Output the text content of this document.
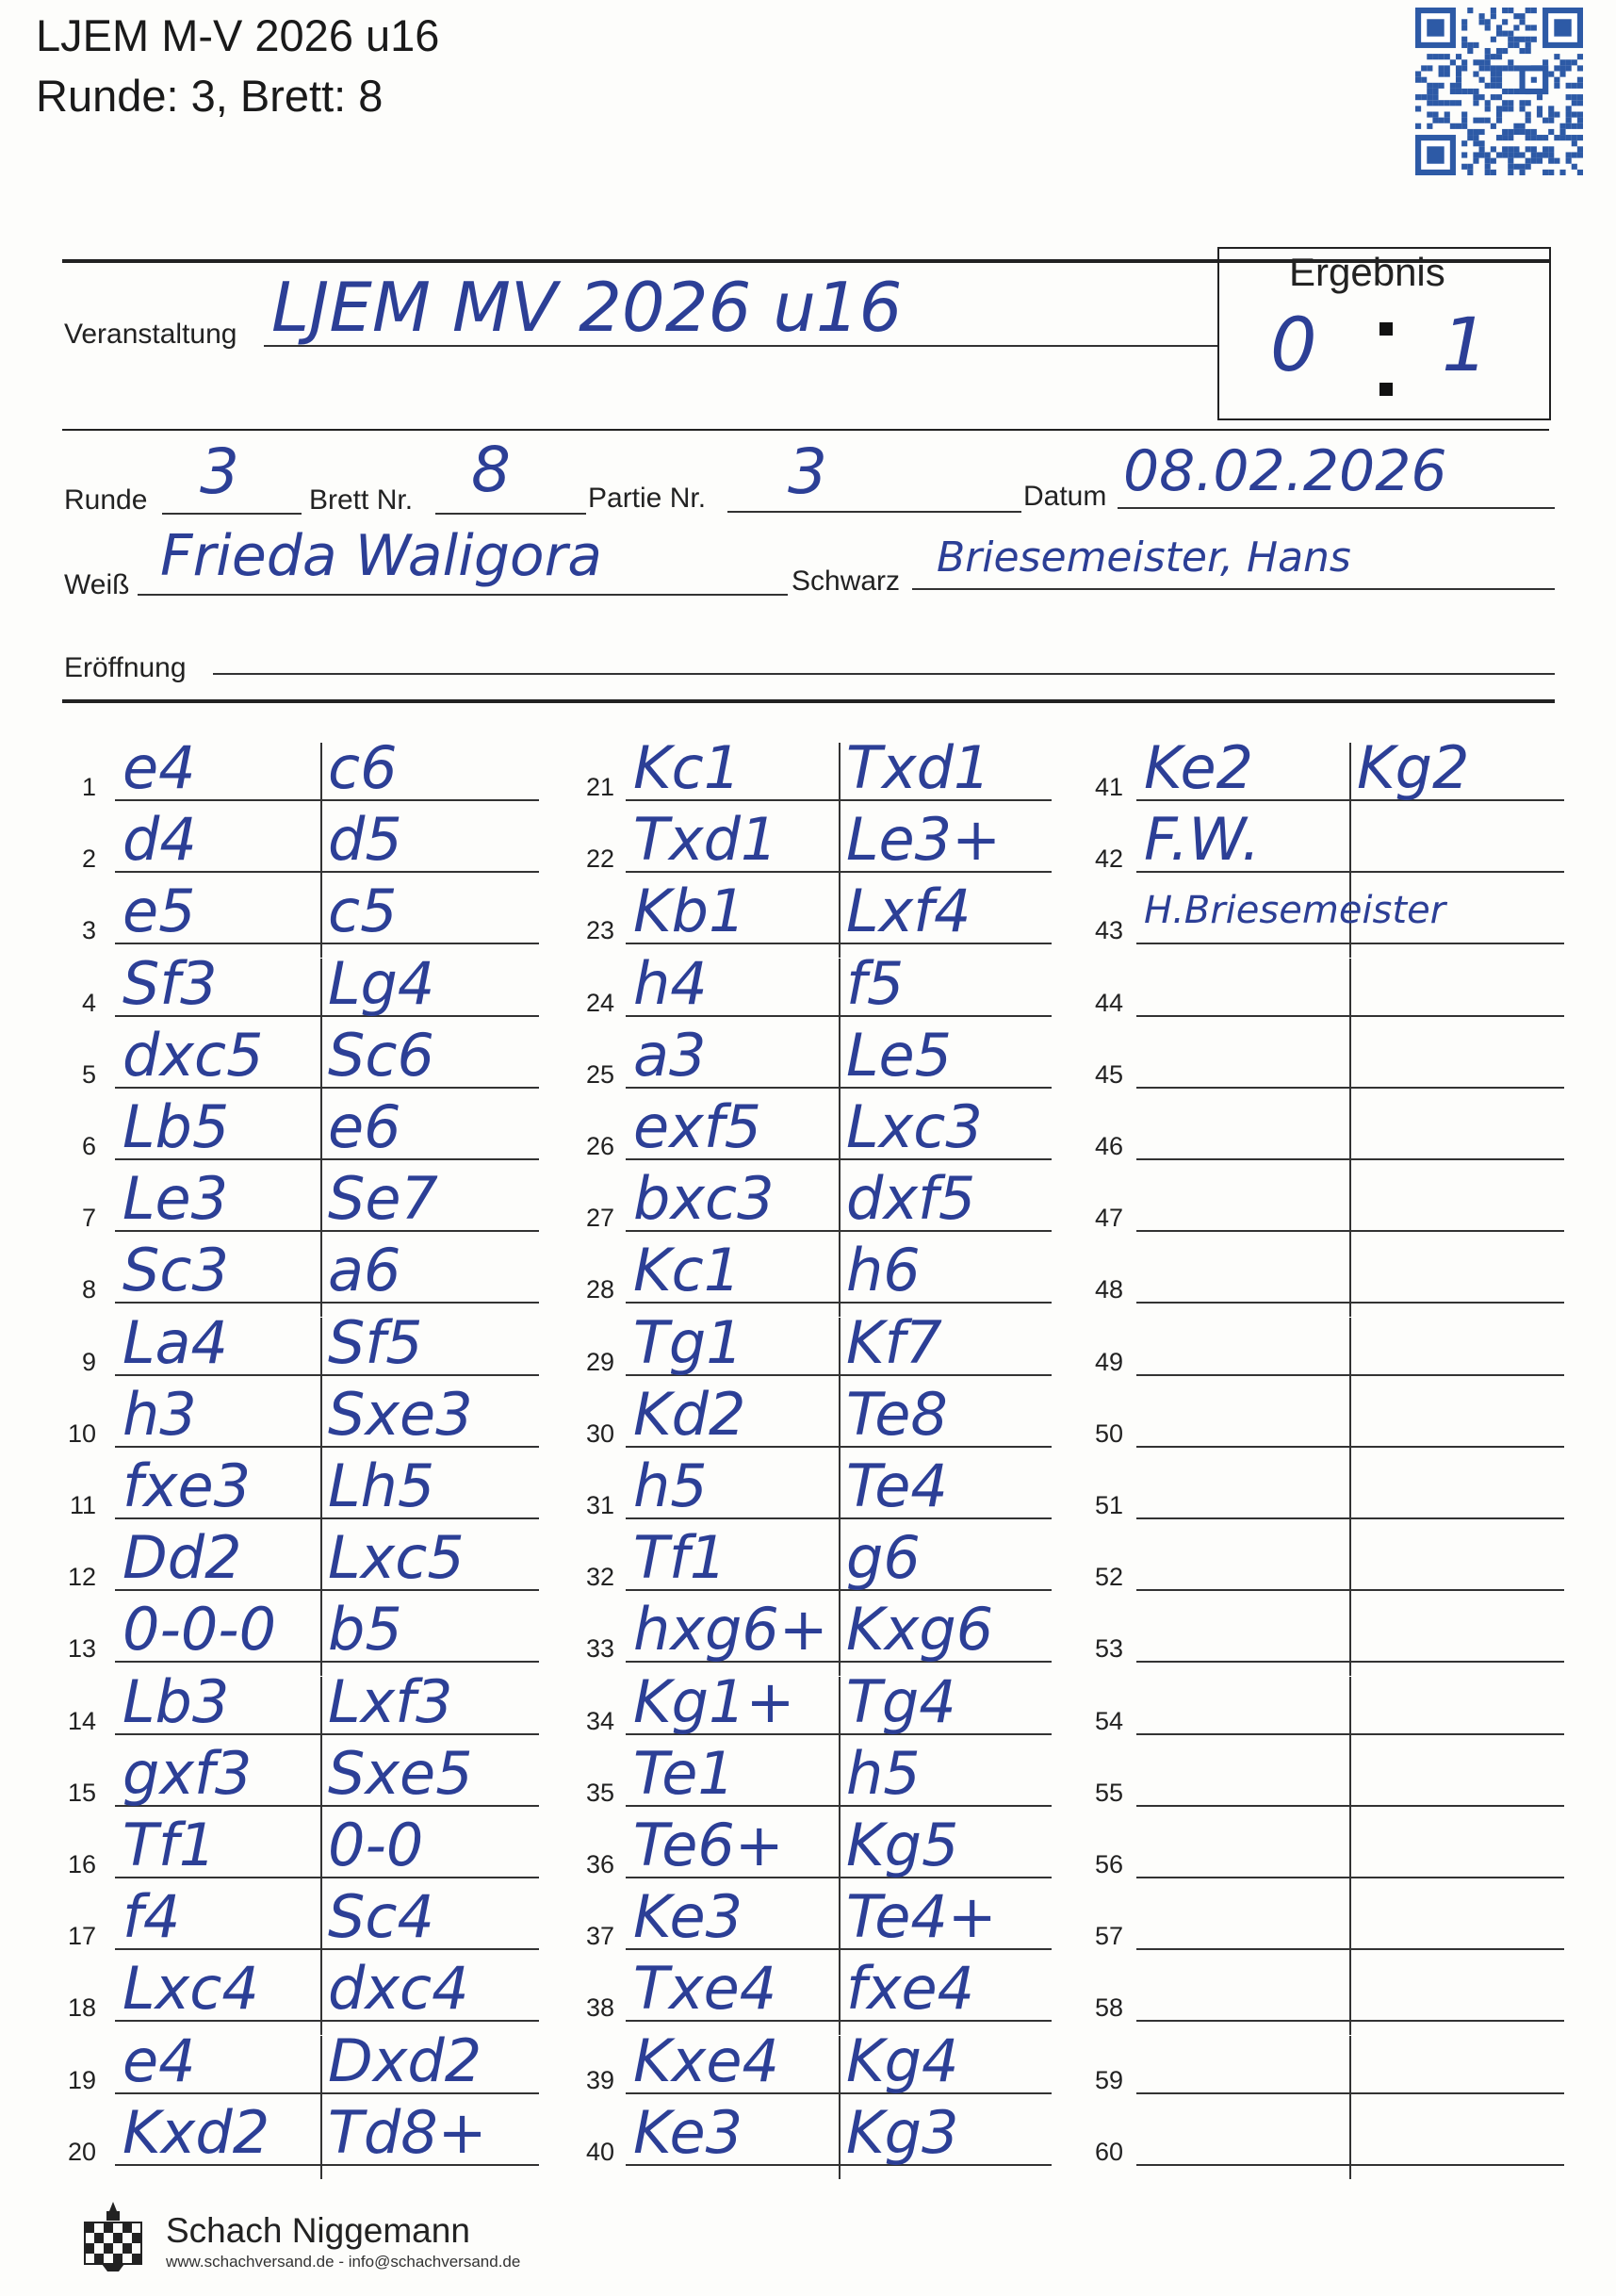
LJEM M-V 2026 u16
Runde: 3, Brett: 8
Ergebnis
0 1
Veranstaltung LJEM MV 2026 u16
Runde 3 Brett Nr. 8	Partie Nr. 3	Datum 08.02.2026
Weiß Frieda Waligora	Schwarz Briesemeister, Hans
Eröffnung
1 e4 c6
2 d4 d5
3 e5 c5
4 Sf3 Lg4
5 dxc5 Sc6
6 Lb5 e6
7 Le3 Se7
8 Sc3 a6
9 La4 Sf5
10 h3 Sxe3
11 fxe3 Lh5
12 Dd2 Lxc5
13 0-0-0 b5
14 Lb3 Lxf3
15 gxf3 Sxe5
16 Tf1 0-0
17 f4	Sc4
18 Lxc4 dxc4
19 e4 Dxd2
20 Kxd2 Td8+
21 Kc1 Txd1
22 Txd1 Le3+
23 Kb1 Lxf4
24 h4 f5
25 a3 Le5
26 exf5 Lxc3
27 bxc3 dxf5
28 Kc1 h6
29 Tg1 Kf7
30 Kd2 Te8
31 h5 Te4
32 Tf1 g6
33 hxg6+ Kxg6
34 Kg1+ Tg4
35 Te1 h5
36 Te6+ Kg5
37 Ke3 Te4+
38 Txe4 fxe4
39 Kxe4 Kg4
40 Ke3 Kg3
41 Ke2 Kg2
42 F.W.
43 H.Briesemeister
44
45
46
47
48
49
50
51
52
53
54
55
56
57
58
59
60
Schach Niggemann
www.schachversand.de - info@schachversand.de
